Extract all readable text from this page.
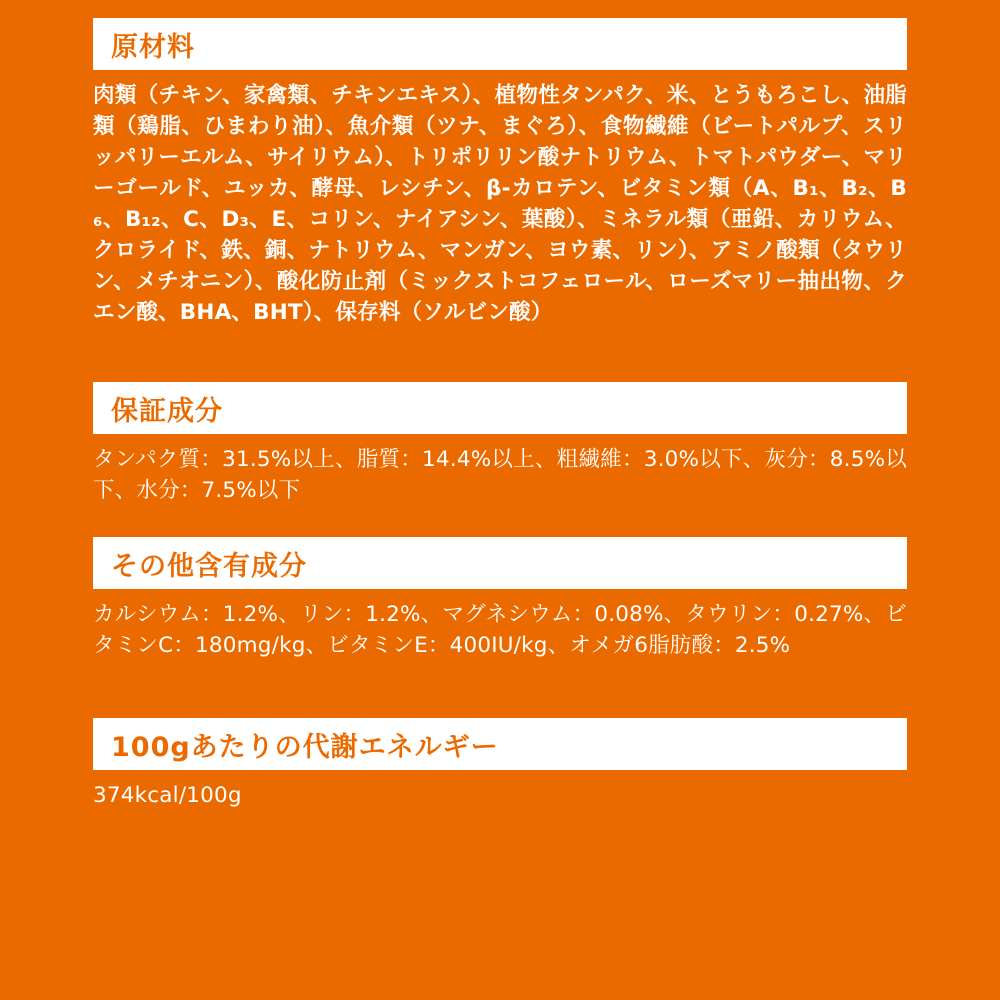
原材料
肉類（チキン、家禽類、チキンエキス）、植物性タンパク、米、とうもろこし、油脂類（鶏脂、ひまわり油）、魚介類（ツナ、まぐろ）、食物繊維（ビートパルプ、スリッパリーエルム、サイリウム）、トリポリリン酸ナトリウム、トマトパウダー、マリーゴールド、ユッカ、酵母、レシチン、β-カロテン、ビタミン類（A、B₁、B₂、B₆、B₁₂、C、D₃、E、コリン、ナイアシン、葉酸）、ミネラル類（亜鉛、カリウム、クロライド、鉄、銅、ナトリウム、マンガン、ヨウ素、リン）、アミノ酸類（タウリン、メチオニン）、酸化防止剤（ミックストコフェロール、ローズマリー抽出物、クエン酸、BHA、BHT）、保存料（ソルビン酸）
保証成分
タンパク質：31.5%以上、脂質：14.4%以上、粗繊維：3.0%以下、灰分：8.5%以下、水分：7.5%以下
その他含有成分
カルシウム：1.2%、リン：1.2%、マグネシウム：0.08%、タウリン：0.27%、ビタミンC：180mg/kg、ビタミンE：400IU/kg、オメガ6脂肪酸：2.5%
100gあたりの代謝エネルギー
374kcal/100g
